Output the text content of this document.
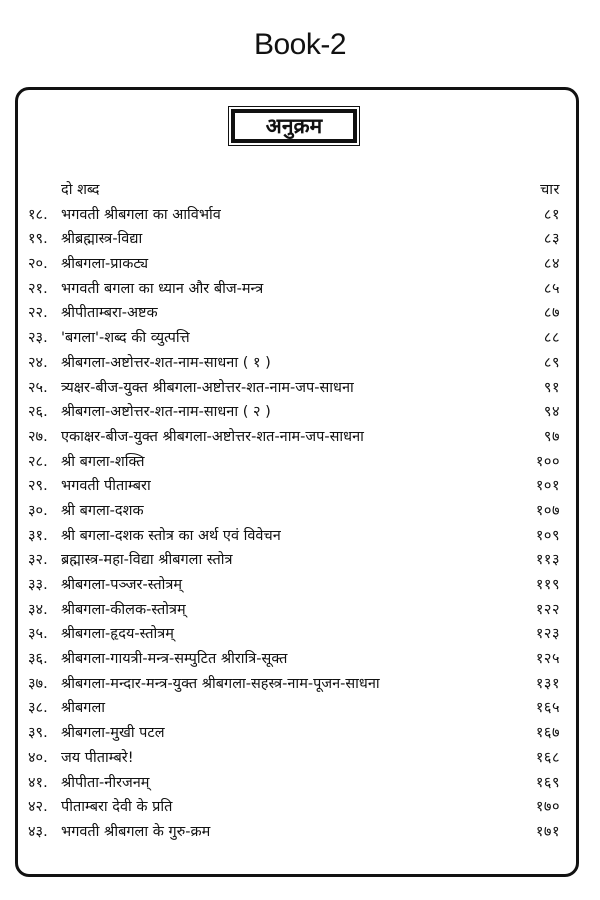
Book-2
अनुक्रम
दो शब्द	चार
१८. भगवती श्रीबगला का आविर्भाव	८१
१९. श्रीब्रह्मास्त्र-विद्या	८३
२०. श्रीबगला-प्राकट्य	८४
२१. भगवती बगला का ध्यान और बीज-मन्त्र	८५
२२. श्रीपीताम्बरा-अष्टक	८७
२३. 'बगला'-शब्द की व्युत्पत्ति	८८
२४. श्रीबगला-अष्टोत्तर-शत-नाम-साधना ( १ )	८९
२५. त्र्यक्षर-बीज-युक्त श्रीबगला-अष्टोत्तर-शत-नाम-जप-साधना	९१
२६. श्रीबगला-अष्टोत्तर-शत-नाम-साधना ( २ )	९४
२७. एकाक्षर-बीज-युक्त श्रीबगला-अष्टोत्तर-शत-नाम-जप-साधना	९७
२८. श्री बगला-शक्ति	१००
२९. भगवती पीताम्बरा	१०१
३०. श्री बगला-दशक	१०७
३१. श्री बगला-दशक स्तोत्र का अर्थ एवं विवेचन	१०९
३२. ब्रह्मास्त्र-महा-विद्या श्रीबगला स्तोत्र	११३
३३. श्रीबगला-पञ्जर-स्तोत्रम्	११९
३४. श्रीबगला-कीलक-स्तोत्रम्	१२२
३५. श्रीबगला-हृदय-स्तोत्रम्	१२३
३६. श्रीबगला-गायत्री-मन्त्र-सम्पुटित श्रीरात्रि-सूक्त	१२५
३७. श्रीबगला-मन्दार-मन्त्र-युक्त श्रीबगला-सहस्त्र-नाम-पूजन-साधना	१३१
३८. श्रीबगला	१६५
३९. श्रीबगला-मुखी पटल	१६७
४०. जय पीताम्बरे!	१६८
४१. श्रीपीता-नीरजनम्	१६९
४२. पीताम्बरा देवी के प्रति	१७०
४३. भगवती श्रीबगला के गुरु-क्रम	१७१
